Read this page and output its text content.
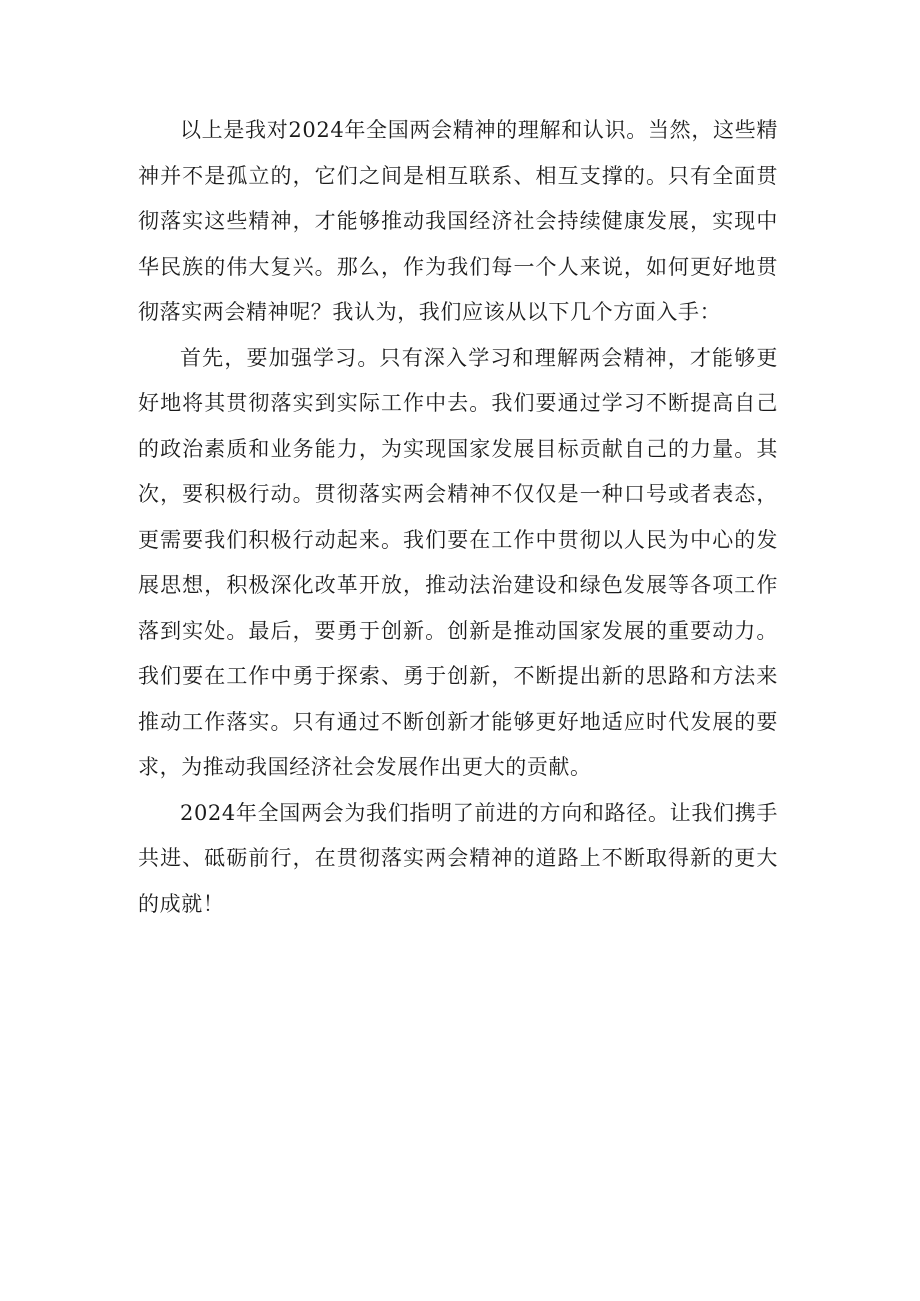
以上是我对2024年全国两会精神的理解和认识。当然，这些精神并不是孤立的，它们之间是相互联系、相互支撑的。只有全面贯彻落实这些精神，才能够推动我国经济社会持续健康发展，实现中华民族的伟大复兴。那么，作为我们每一个人来说，如何更好地贯彻落实两会精神呢？我认为，我们应该从以下几个方面入手：

首先，要加强学习。只有深入学习和理解两会精神，才能够更好地将其贯彻落实到实际工作中去。我们要通过学习不断提高自己的政治素质和业务能力，为实现国家发展目标贡献自己的力量。其次，要积极行动。贯彻落实两会精神不仅仅是一种口号或者表态，更需要我们积极行动起来。我们要在工作中贯彻以人民为中心的发展思想，积极深化改革开放，推动法治建设和绿色发展等各项工作落到实处。最后，要勇于创新。创新是推动国家发展的重要动力。我们要在工作中勇于探索、勇于创新，不断提出新的思路和方法来推动工作落实。只有通过不断创新才能够更好地适应时代发展的要求，为推动我国经济社会发展作出更大的贡献。

2024年全国两会为我们指明了前进的方向和路径。让我们携手共进、砥砺前行，在贯彻落实两会精神的道路上不断取得新的更大的成就！
